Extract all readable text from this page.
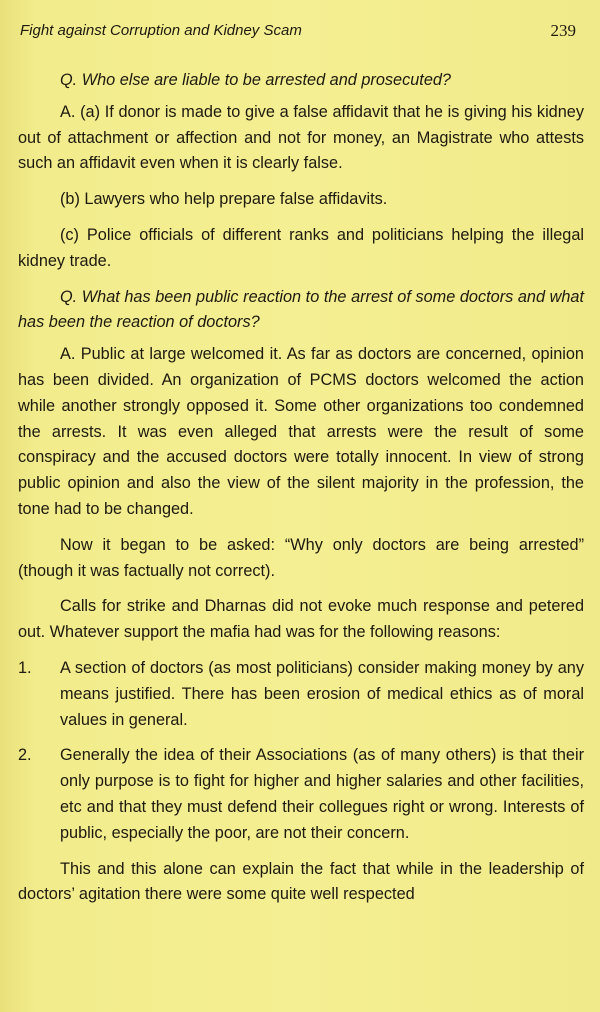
Fight against Corruption and Kidney Scam	239

Q. Who else are liable to be arrested and prosecuted?

A. (a) If donor is made to give a false affidavit that he is giving his kidney out of attachment or affection and not for money, an Magistrate who attests such an affidavit even when it is clearly false.

(b) Lawyers who help prepare false affidavits.

(c) Police officials of different ranks and politicians helping the illegal kidney trade.

Q. What has been public reaction to the arrest of some doctors and what has been the reaction of doctors?

A. Public at large welcomed it. As far as doctors are concerned, opinion has been divided. An organization of PCMS doctors welcomed the action while another strongly opposed it. Some other organizations too condemned the arrests. It was even alleged that arrests were the result of some conspiracy and the accused doctors were totally innocent. In view of strong public opinion and also the view of the silent majority in the profession, the tone had to be changed.

Now it began to be asked: “Why only doctors are being arrested” (though it was factually not correct).

Calls for strike and Dharnas did not evoke much response and petered out. Whatever support the mafia had was for the following reasons:

1. A section of doctors (as most politicians) consider making money by any means justified. There has been erosion of medical ethics as of moral values in general.
2. Generally the idea of their Associations (as of many others) is that their only purpose is to fight for higher and higher salaries and other facilities, etc and that they must defend their collegues right or wrong. Interests of public, especially the poor, are not their concern.

This and this alone can explain the fact that while in the leadership of doctors’ agitation there were some quite well respected
